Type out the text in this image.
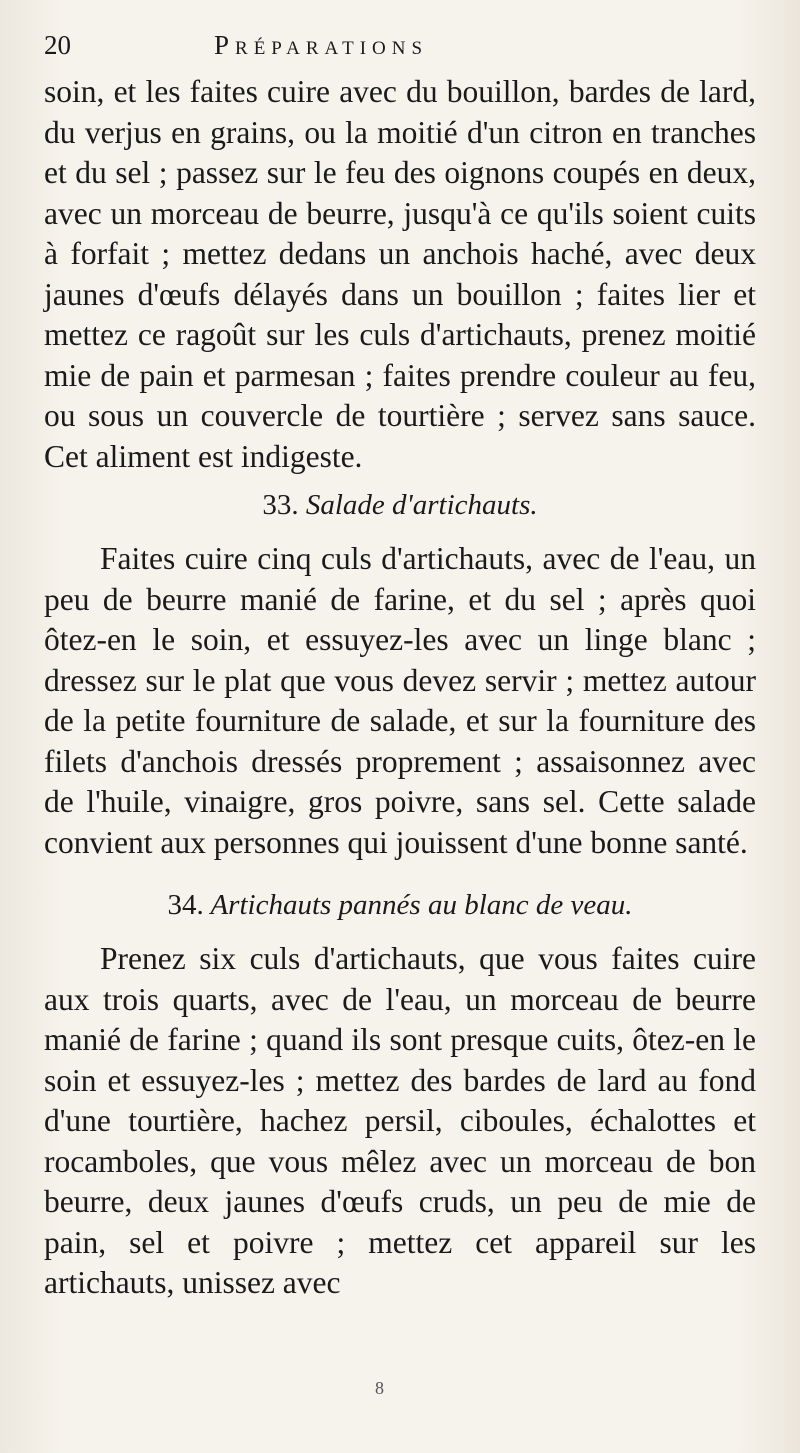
20	Préparations

soin, et les faites cuire avec du bouillon, bardes de lard, du verjus en grains, ou la moitié d'un citron en tranches et du sel ; passez sur le feu des oignons coupés en deux, avec un morceau de beurre, jusqu'à ce qu'ils soient cuits à forfait ; mettez dedans un anchois haché, avec deux jaunes d'œufs délayés dans un bouillon ; faites lier et mettez ce ragoût sur les culs d'artichauts, prenez moitié mie de pain et parmesan ; faites prendre couleur au feu, ou sous un couvercle de tourtière ; servez sans sauce. Cet aliment est indigeste.

33. Salade d'artichauts.

Faites cuire cinq culs d'artichauts, avec de l'eau, un peu de beurre manié de farine, et du sel ; après quoi ôtez-en le soin, et essuyez-les avec un linge blanc ; dressez sur le plat que vous devez servir ; mettez autour de la petite fourniture de salade, et sur la fourniture des filets d'anchois dressés proprement ; assaisonnez avec de l'huile, vinaigre, gros poivre, sans sel. Cette salade convient aux personnes qui jouissent d'une bonne santé.

34. Artichauts pannés au blanc de veau.

Prenez six culs d'artichauts, que vous faites cuire aux trois quarts, avec de l'eau, un morceau de beurre manié de farine ; quand ils sont presque cuits, ôtez-en le soin et essuyez-les ; mettez des bardes de lard au fond d'une tourtière, hachez persil, ciboules, échalottes et rocamboles, que vous mêlez avec un morceau de bon beurre, deux jaunes d'œufs cruds, un peu de mie de pain, sel et poivre ; mettez cet appareil sur les artichauts, unissez avec

8
